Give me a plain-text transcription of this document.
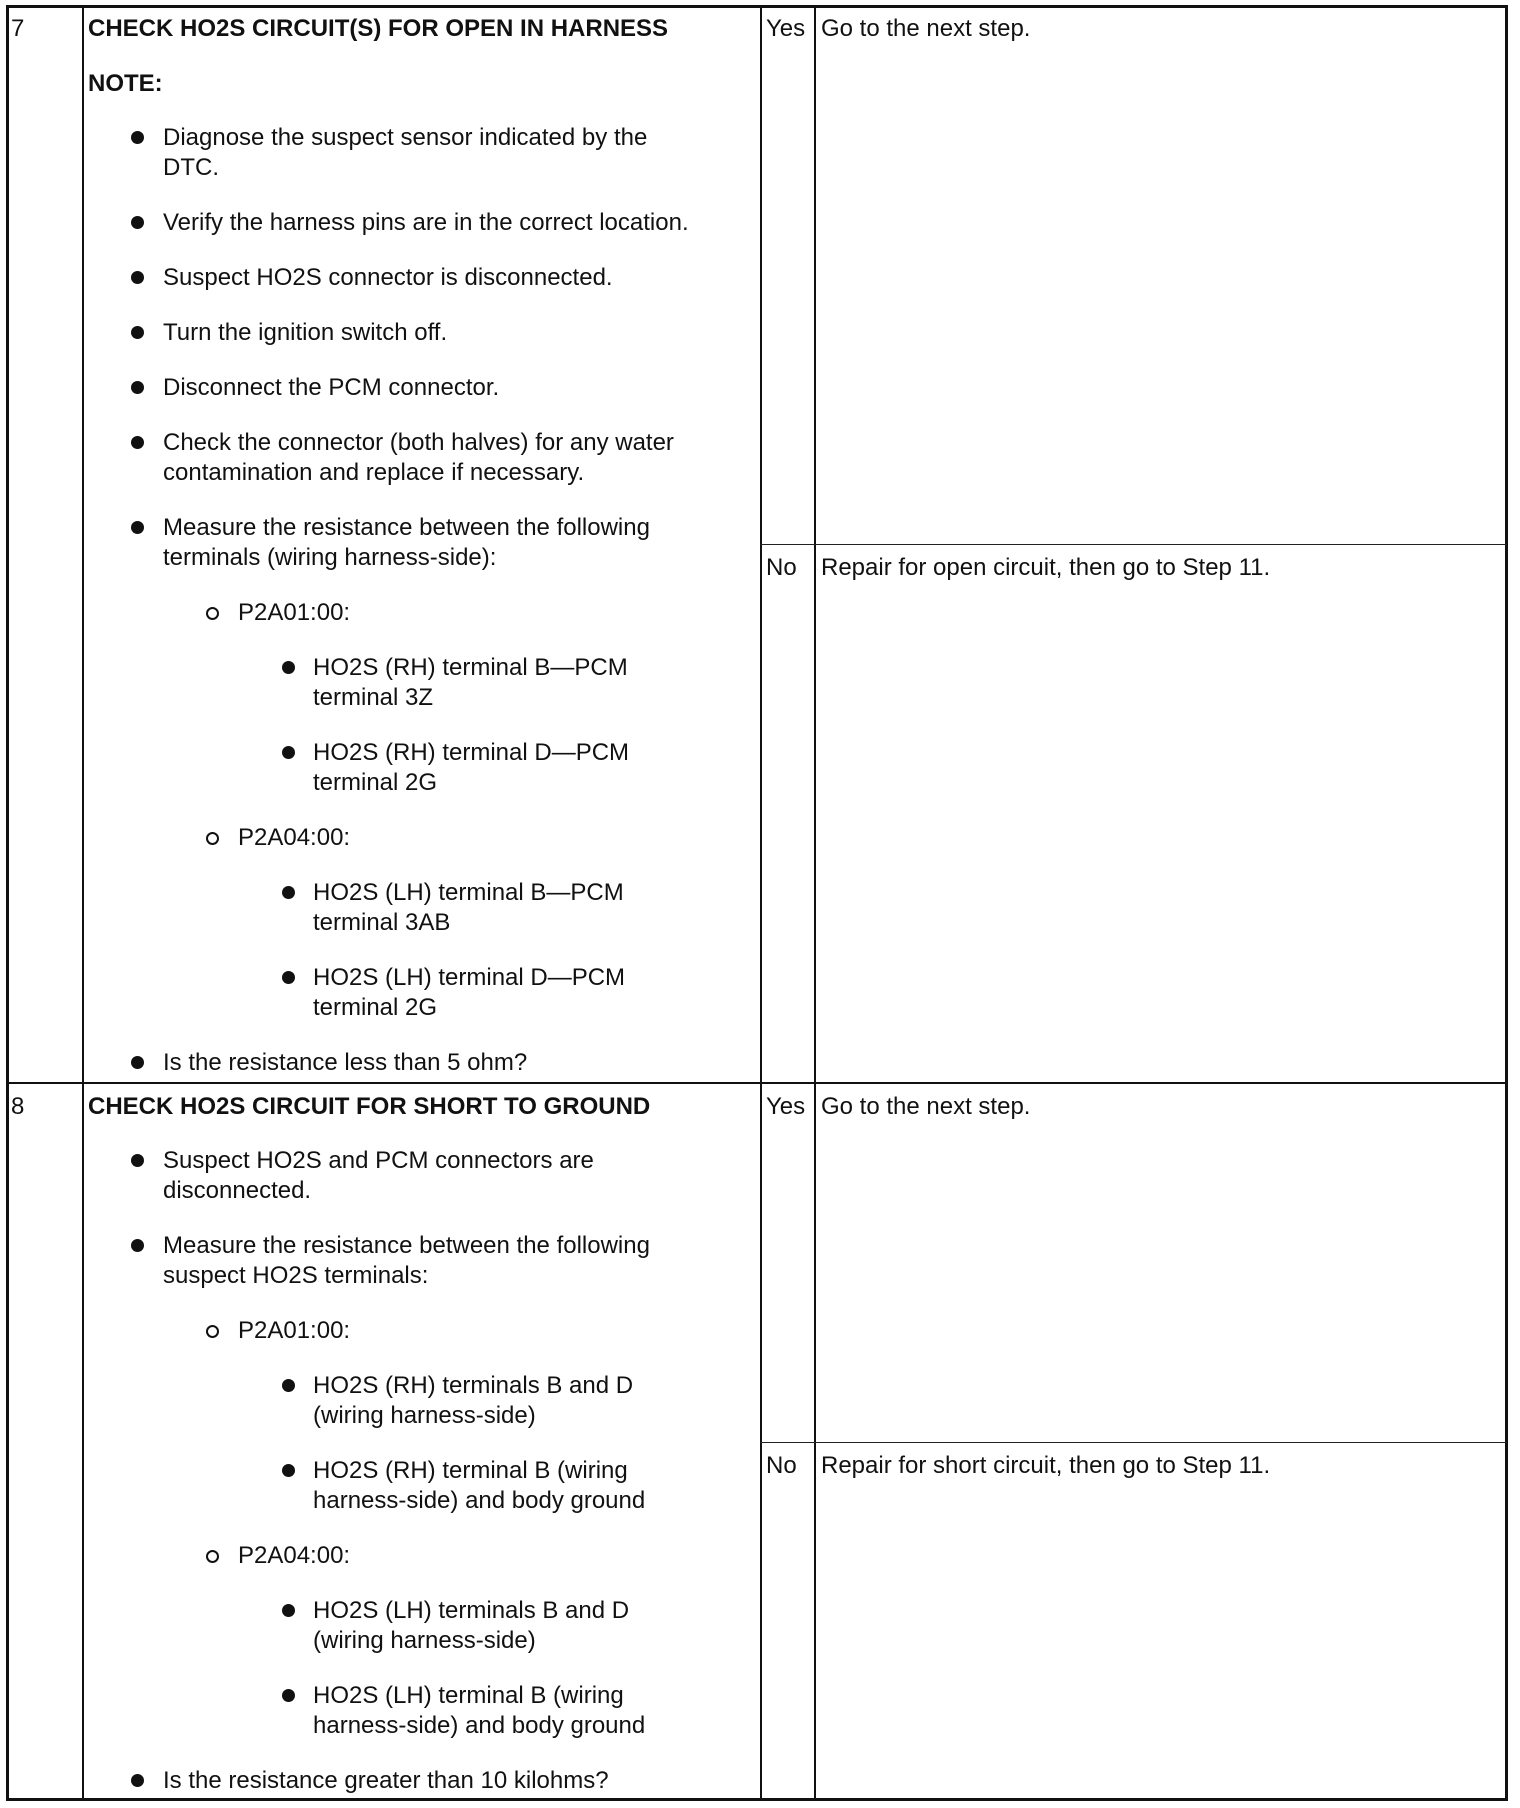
7	CHECK HO2S CIRCUIT(S) FOR OPEN IN HARNESS
NOTE:
Diagnose the suspect sensor indicated by the
DTC.
Verify the harness pins are in the correct location.
Suspect HO2S connector is disconnected.
Turn the ignition switch off.
Disconnect the PCM connector.
Check the connector (both halves) for any water
contamination and replace if necessary.
Measure the resistance between the following
terminals (wiring harness-side):
P2A01:00:
HO2S (RH) terminal B—PCM
terminal 3Z
HO2S (RH) terminal D—PCM
terminal 2G
P2A04:00:
HO2S (LH) terminal B—PCM
terminal 3AB
HO2S (LH) terminal D—PCM
terminal 2G
Is the resistance less than 5 ohm?
Yes Go to the next step.
No Repair for open circuit, then go to Step 11.
8	CHECK HO2S CIRCUIT FOR SHORT TO GROUND
Suspect HO2S and PCM connectors are
disconnected.
Measure the resistance between the following
suspect HO2S terminals:
P2A01:00:
HO2S (RH) terminals B and D
(wiring harness-side)
HO2S (RH) terminal B (wiring
harness-side) and body ground
P2A04:00:
HO2S (LH) terminals B and D
(wiring harness-side)
HO2S (LH) terminal B (wiring
harness-side) and body ground
Is the resistance greater than 10 kilohms?
Yes Go to the next step.
No Repair for short circuit, then go to Step 11.
